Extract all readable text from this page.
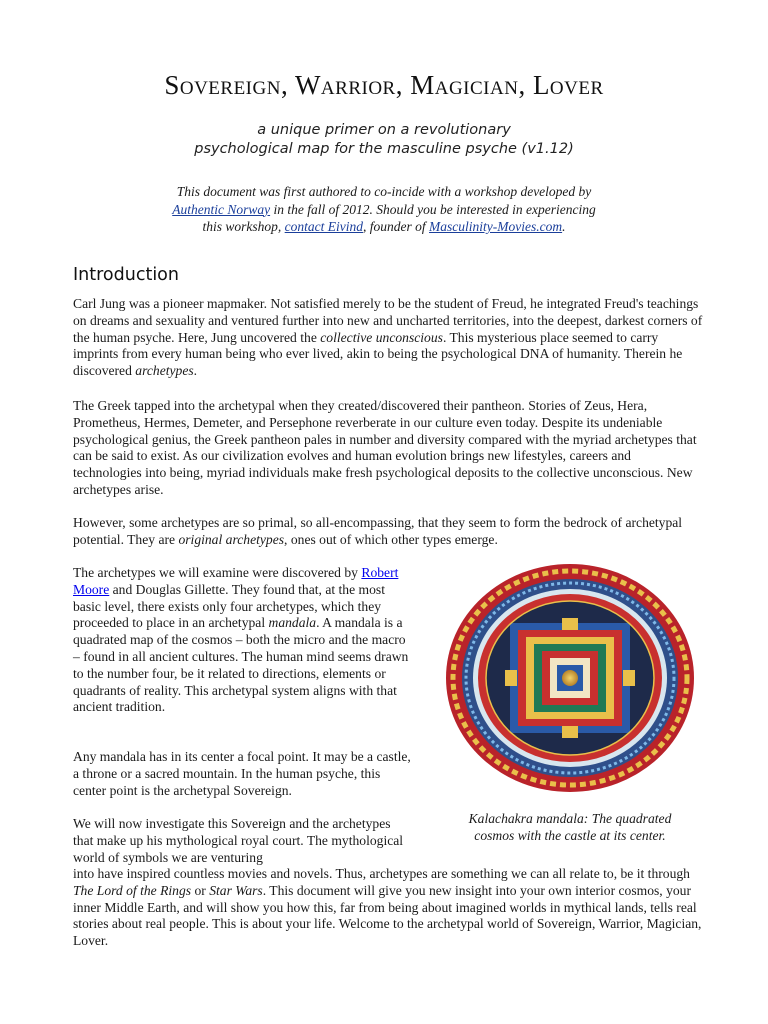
Sovereign, Warrior, Magician, Lover
a unique primer on a revolutionary
psychological map for the masculine psyche (v1.12)
This document was first authored to co-incide with a workshop developed by
Authentic Norway in the fall of 2012. Should you be interested in experiencing
this workshop, contact Eivind, founder of Masculinity-Movies.com.
Introduction

Carl Jung was a pioneer mapmaker. Not satisfied merely to be the student of Freud, he integrated Freud's teachings on dreams and sexuality and ventured further into new and uncharted territories, into the deepest, darkest corners of the human psyche. Here, Jung uncovered the collective unconscious. This mysterious place seemed to carry imprints from every human being who ever lived, akin to being the psychological DNA of humanity. Therein he discovered archetypes.

The Greek tapped into the archetypal when they created/discovered their pantheon. Stories of Zeus, Hera, Prometheus, Hermes, Demeter, and Persephone reverberate in our culture even today. Despite its undeniable psychological genius, the Greek pantheon pales in number and diversity compared with the myriad archetypes that can be said to exist. As our civilization evolves and human evolution brings new lifestyles, careers and technologies into being, myriad individuals make fresh psychological deposits to the collective unconscious. New archetypes arise.

However, some archetypes are so primal, so all-encompassing, that they seem to form the bedrock of archetypal potential. They are original archetypes, ones out of which other types emerge.

The archetypes we will examine were discovered by Robert Moore and Douglas Gillette. They found that, at the most basic level, there exists only four archetypes, which they proceeded to place in an archetypal mandala. A mandala is a quadrated map of the cosmos – both the micro and the macro – found in all ancient cultures. The human mind seems drawn to the number four, be it related to directions, elements or quadrants of reality. This archetypal system aligns with that ancient tradition.

Any mandala has in its center a focal point. It may be a castle, a throne or a sacred mountain. In the human psyche, this center point is the archetypal Sovereign.

We will now investigate this Sovereign and the archetypes that make up his mythological royal court. The mythological world of symbols we are venturing

into have inspired countless movies and novels. Thus, archetypes are something we can all relate to, be it through The Lord of the Rings or Star Wars. This document will give you new insight into your own interior cosmos, your inner Middle Earth, and will show you how this, far from being about imagined worlds in mythical lands, tells real stories about real people. This is about your life. Welcome to the archetypal world of Sovereign, Warrior, Magician, Lover.

Kalachakra mandala: The quadrated
cosmos with the castle at its center.
